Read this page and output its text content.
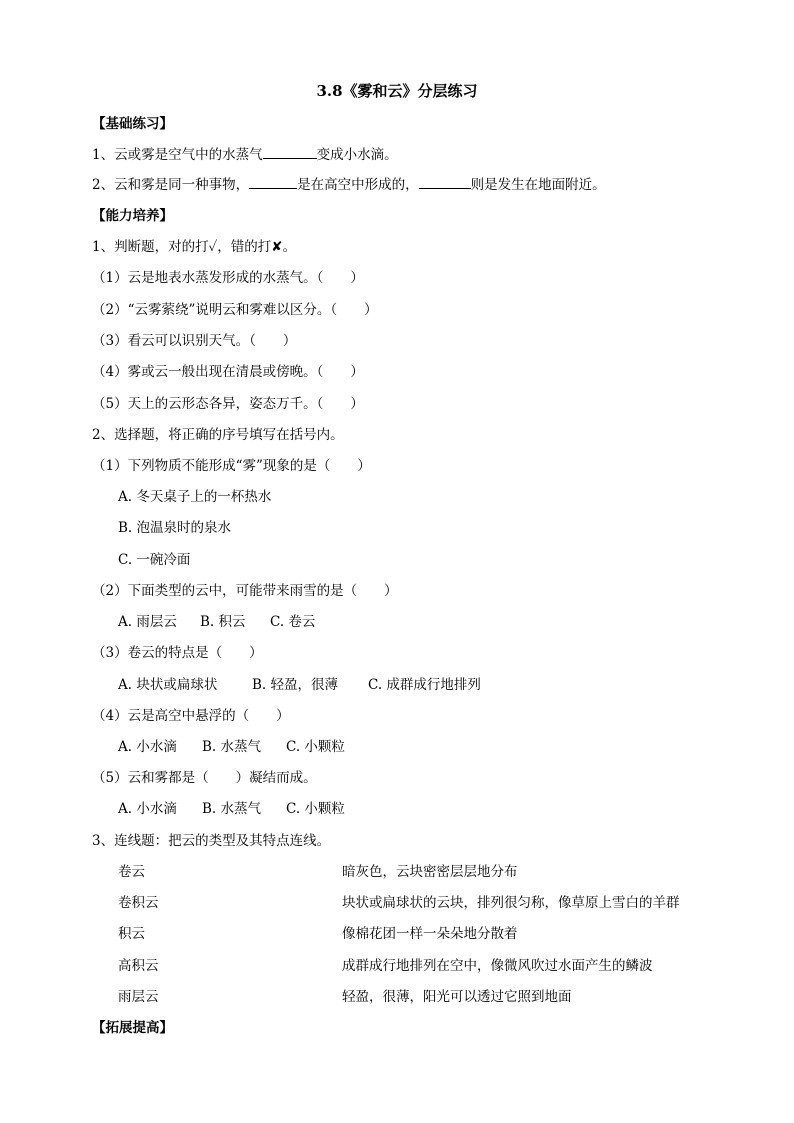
3.8《雾和云》分层练习
【基础练习】
1、云或雾是空气中的水蒸气	变成小水滴。
2、云和雾是同一种事物，	是在高空中形成的，	则是发生在地面附近。
【能力培养】
1、判断题，对的打✓，错的打✘。
（1）云是地表水蒸发形成的水蒸气。（　　）
（2）“云雾萦绕”说明云和雾难以区分。（　　）
（3）看云可以识别天气。（　　）
（4）雾或云一般出现在清晨或傍晚。（　　）
（5）天上的云形态各异，姿态万千。（　　）
2、选择题，将正确的序号填写在括号内。
（1）下列物质不能形成“雾”现象的是（　　）
A. 冬天桌子上的一杯热水
B. 泡温泉时的泉水
C. 一碗冷面
（2）下面类型的云中，可能带来雨雪的是（　　）
A. 雨层云 B. 积云 C. 卷云
（3）卷云的特点是（　　）
A. 块状或扁球状	B. 轻盈，很薄 C. 成群成行地排列
（4）云是高空中悬浮的（　　）
A. 小水滴 B. 水蒸气 C. 小颗粒
（5）云和雾都是（　　）凝结而成。
A. 小水滴 B. 水蒸气 C. 小颗粒
3、连线题：把云的类型及其特点连线。
卷云	暗灰色，云块密密层层地分布
卷积云	块状或扁球状的云块，排列很匀称，像草原上雪白的羊群
积云	像棉花团一样一朵朵地分散着
高积云	成群成行地排列在空中，像微风吹过水面产生的鳞波
雨层云	轻盈，很薄，阳光可以透过它照到地面
【拓展提高】
